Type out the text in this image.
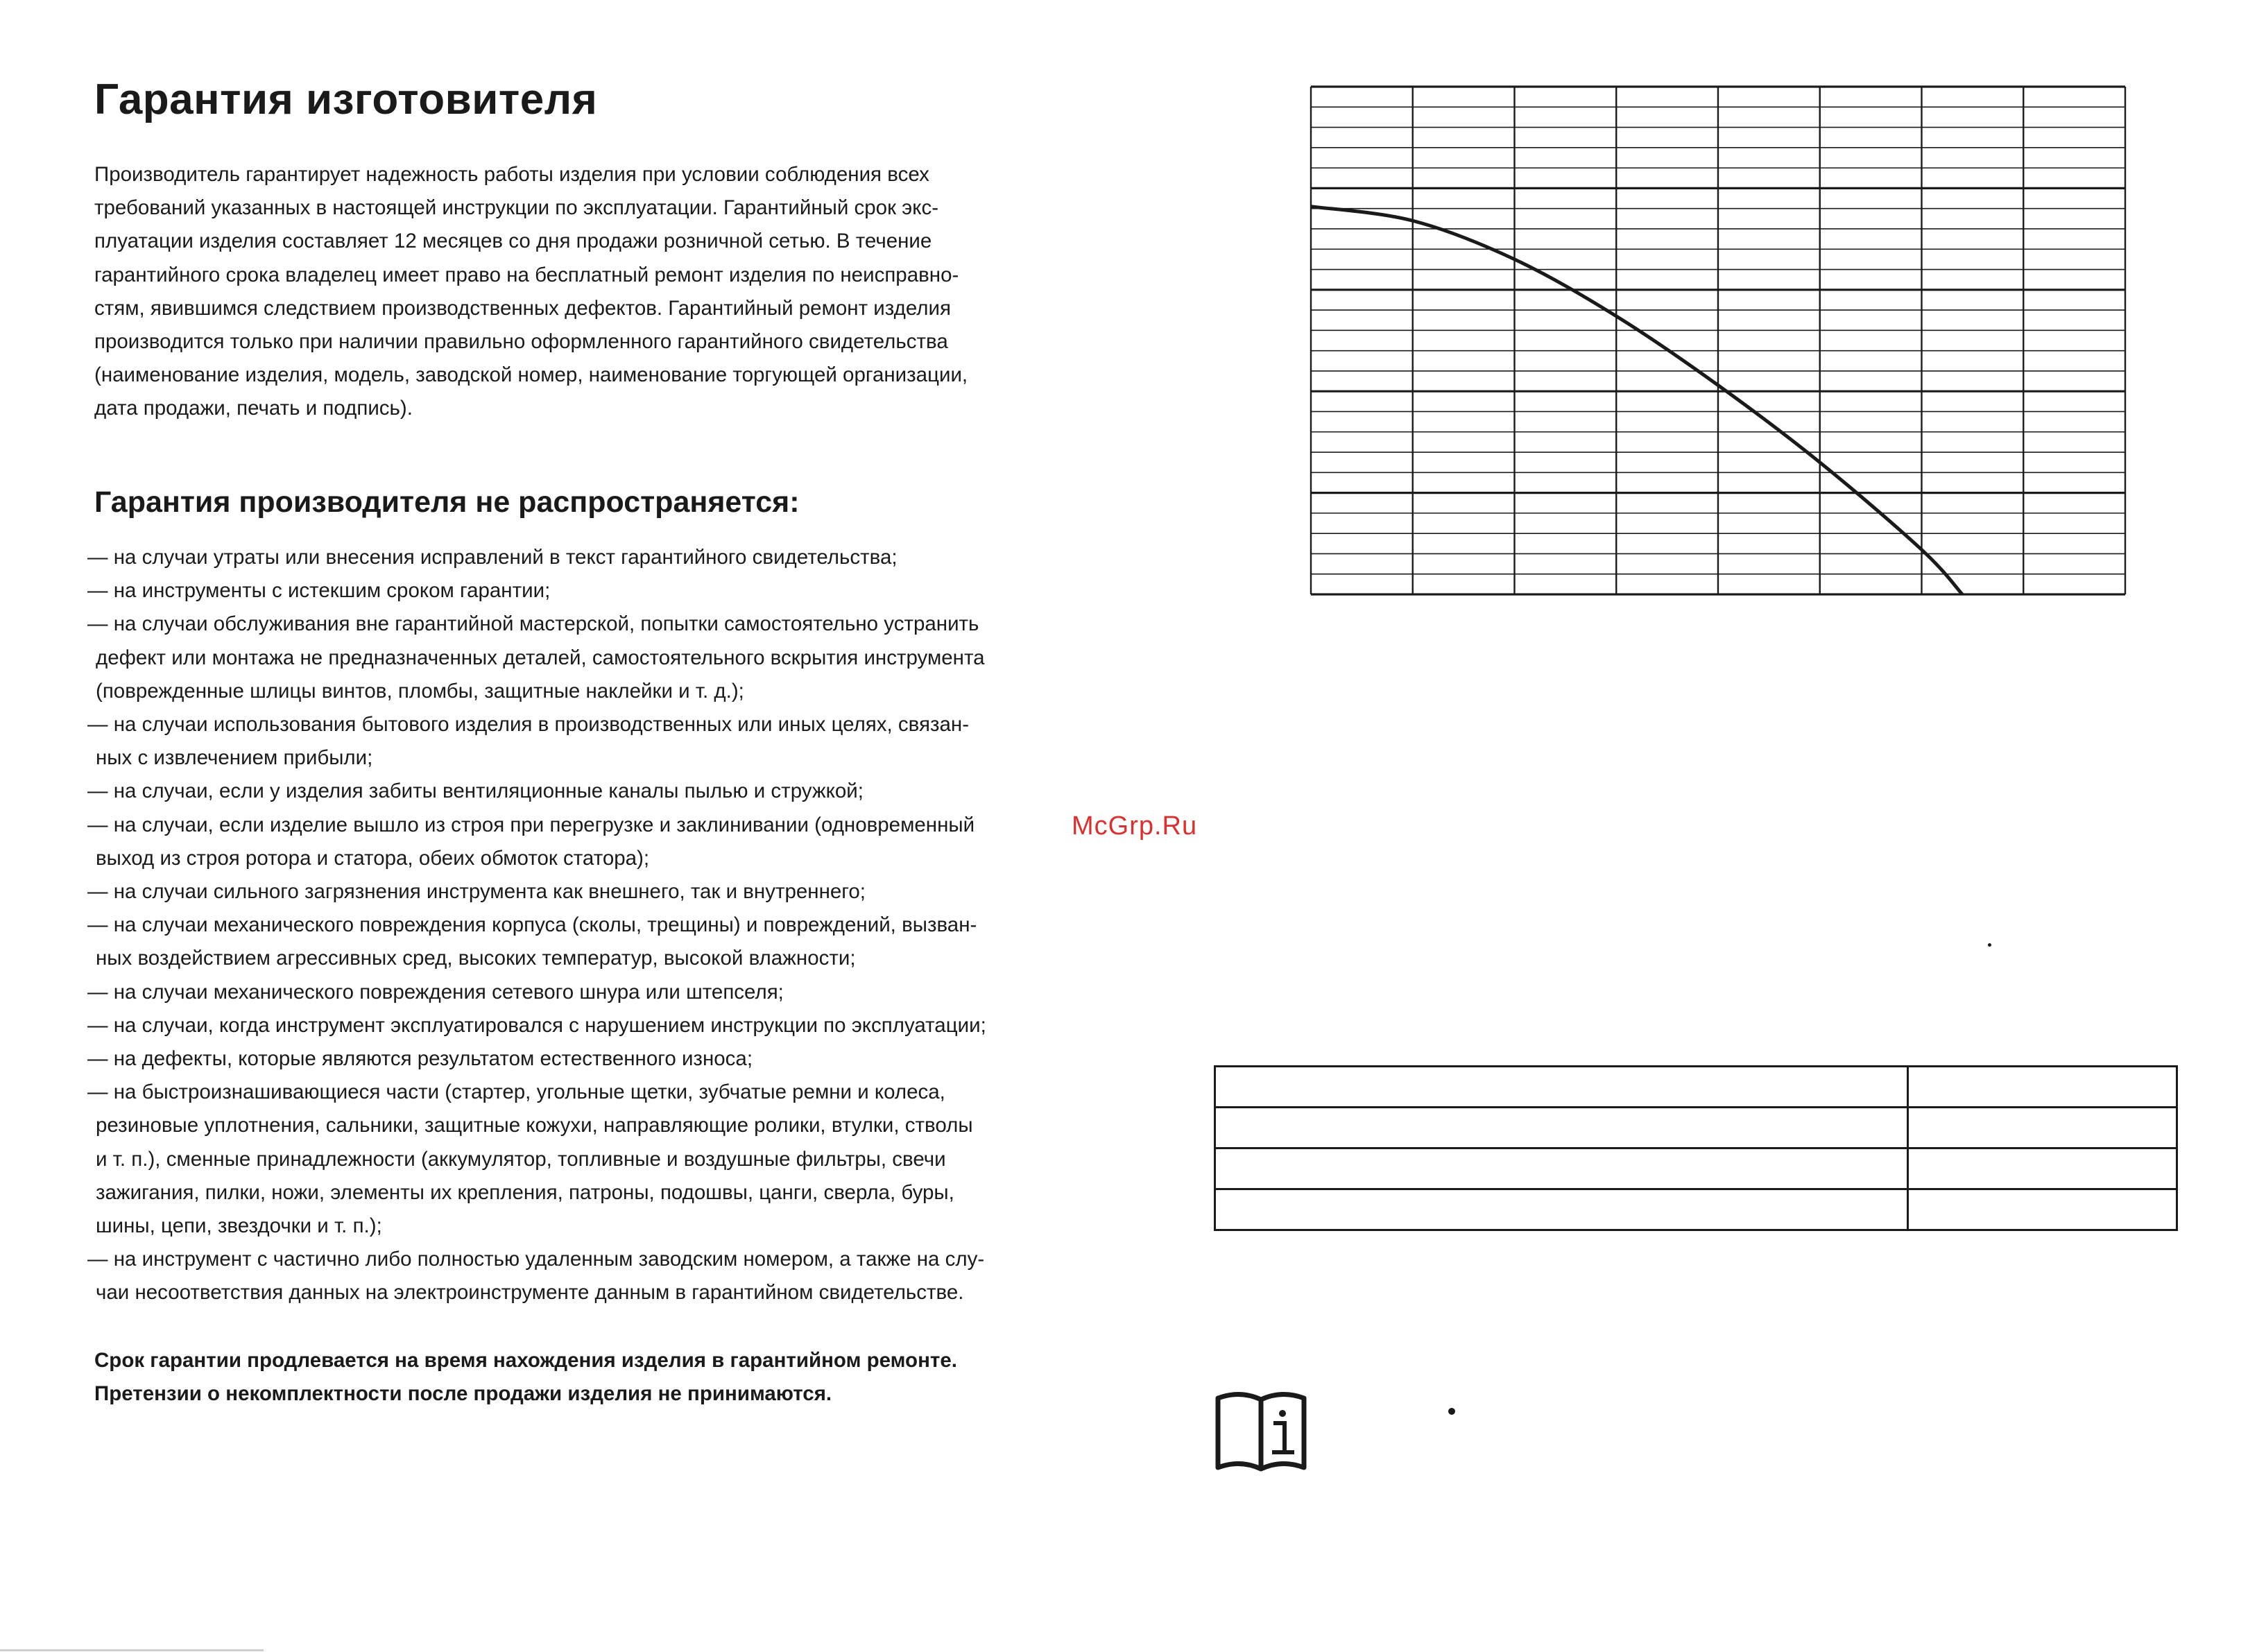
Гарантия изготовителя
Производитель гарантирует надежность работы изделия при условии соблюдения всех
требований указанных в настоящей инструкции по эксплуатации. Гарантийный срок экс-
плуатации изделия составляет 12 месяцев со дня продажи розничной сетью. В течение
гарантийного срока владелец имеет право на бесплатный ремонт изделия по неисправно-
стям, явившимся следствием производственных дефектов. Гарантийный ремонт изделия
производится только при наличии правильно оформленного гарантийного свидетельства
(наименование изделия, модель, заводской номер, наименование торгующей организации,
дата продажи, печать и подпись).
Гарантия производителя не распространяется:
— на случаи утраты или внесения исправлений в текст гарантийного свидетельства;
— на инструменты с истекшим сроком гарантии;
— на случаи обслуживания вне гарантийной мастерской, попытки самостоятельно устранить
дефект или монтажа не предназначенных деталей, самостоятельного вскрытия инструмента
(поврежденные шлицы винтов, пломбы, защитные наклейки и т. д.);
— на случаи использования бытового изделия в производственных или иных целях, связан-
ных с извлечением прибыли;
— на случаи, если у изделия забиты вентиляционные каналы пылью и стружкой;
— на случаи, если изделие вышло из строя при перегрузке и заклинивании (одновременный
выход из строя ротора и статора, обеих обмоток статора);
— на случаи сильного загрязнения инструмента как внешнего, так и внутреннего;
— на случаи механического повреждения корпуса (сколы, трещины) и повреждений, вызван-
ных воздействием агрессивных сред, высоких температур, высокой влажности;
— на случаи механического повреждения сетевого шнура или штепселя;
— на случаи, когда инструмент эксплуатировался с нарушением инструкции по эксплуатации;
— на дефекты, которые являются результатом естественного износа;
— на быстроизнашивающиеся части (стартер, угольные щетки, зубчатые ремни и колеса,
резиновые уплотнения, сальники, защитные кожухи, направляющие ролики, втулки, стволы
и т. п.), сменные принадлежности (аккумулятор, топливные и воздушные фильтры, свечи
зажигания, пилки, ножи, элементы их крепления, патроны, подошвы, цанги, сверла, буры,
шины, цепи, звездочки и т. п.);
— на инструмент с частично либо полностью удаленным заводским номером, а также на слу-
чаи несоответствия данных на электроинструменте данным в гарантийном свидетельстве.
Срок гарантии продлевается на время нахождения изделия в гарантийном ремонте.
Претензии о некомплектности после продажи изделия не принимаются.
McGrp.Ru
